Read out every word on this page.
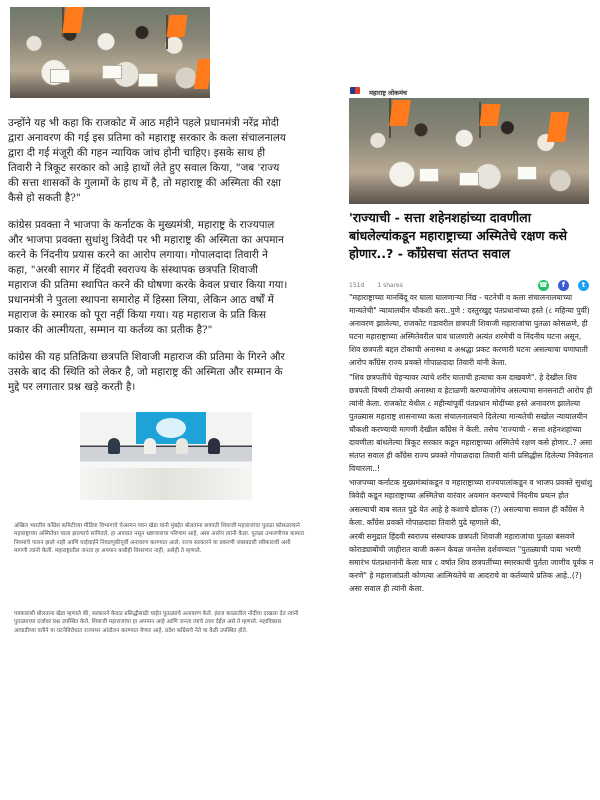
उन्होंने यह भी कहा कि राजकोट में आठ महीने पहले प्रधानमंत्री नरेंद्र मोदी द्वारा अनावरण की गई इस प्रतिमा को महाराष्ट्र सरकार के कला संचालनालय द्वारा दी गई मंजूरी की गहन न्यायिक जांच होनी चाहिए। इसके साथ ही तिवारी ने त्रिकूट सरकार को आड़े हाथों लेते हुए सवाल किया, "जब 'राज्य की सत्ता शासकों के गुलामों के हाथ में है, तो महाराष्ट्र की अस्मिता की रक्षा कैसे हो सकती है?"

कांग्रेस प्रवक्ता ने भाजपा के कर्नाटक के मुख्यमंत्री, महाराष्ट्र के राज्यपाल और भाजपा प्रवक्ता सुधांशु त्रिवेदी पर भी महाराष्ट्र की अस्मिता का अपमान करने के निंदनीय प्रयास करने का आरोप लगाया। गोपालदादा तिवारी ने कहा, "अरबी सागर में हिंदवी स्वराज्य के संस्थापक छत्रपति शिवाजी महाराज की प्रतिमा स्थापित करने की घोषणा करके केवल प्रचार किया गया। प्रधानमंत्री ने पुतला स्थापना समारोह में हिस्सा लिया, लेकिन आठ वर्षों में महाराज के स्मारक को पूरा नहीं किया गया। यह महाराज के प्रति किस प्रकार की आत्मीयता, सम्मान या कर्तव्य का प्रतीक है?"

कांग्रेस की यह प्रतिक्रिया छत्रपति शिवाजी महाराज की प्रतिमा के गिरने और उसके बाद की स्थिति को लेकर है, जो महाराष्ट्र की अस्मिता और सम्मान के मुद्दे पर लगातार प्रश्न खड़े करती है।

अखिल भारतीय काँग्रेस कमिटीच्या मीडिया विभागाचे चेअरमन पवन खेडा यांनी मुंबईत बोलताना छत्रपती शिवाजी महाराजांचा पुतळा कोसळल्याने महाराष्ट्राच्या अस्मितेवर घाला झाल्याचे सांगितले. हा अपघात नसून भ्रष्टाचाराचा परिणाम आहे, असा आरोप त्यांनी केला. पुतळा उभारणीच्या कामात नियमांचे पालन झाले नाही आणि घाईघाईने निवडणुकीपूर्वी अनावरण करण्यात आले. राज्य सरकारने या प्रकरणी जबाबदारी स्वीकारावी अशी मागणी त्यांनी केली. महाराष्ट्रातील जनता हा अपमान कधीही विसरणार नाही, असेही ते म्हणाले.

पत्रकारांशी बोलताना खेडा म्हणाले की, सरकारने केवळ प्रसिद्धीसाठी घाईत पुतळ्याचे अनावरण केले. इंग्रज काळातील नोंदींचा दाखला देत त्यांनी पुतळ्याच्या दर्जावर प्रश्न उपस्थित केले. शिवाजी महाराजांचा हा अपमान आहे आणि जनता त्याचे उत्तर देईल असे ते म्हणाले. महाविकास आघाडीच्या वतीने या घटनेविरोधात राज्यभर आंदोलन करण्यात येणार आहे. प्रदेश काँग्रेसचे नेते या वेळी उपस्थित होते.

महाराष्ट्र लोकमंच
'राज्याची - सत्ता शहेनशहांच्या दावणीला बांधलेल्यांकडून महाराष्ट्राच्या अस्मितेचे रक्षण कसे होणार..? - काँग्रेसचा संतप्त सवाल
151d 1 shares	☎ f t

"महाराष्ट्राच्या मानबिंदू वर घाला घालणाऱ्या निंद्य - घटनेची व कला संचालनालयाच्या मान्यतेची" न्यायालयीन चौकशी करा..पुणे : दस्तुरखुद्द पंतप्रधानांच्या हस्ते (८ महिन्या पुर्वी) अनावरण झालेल्या, राजकोट गडावरील छत्रपती शिवाजी महाराजांचा पुतळा कोसळणे, ही घटना महाराष्ट्राच्या अस्मितेवरील घाव घालणारी अत्यंत शरमेची व निंदनीय घटना असून, शिव छत्रपती बद्दल टोकाची अनास्था व अश्रद्धा प्रकट करणारी घटना असल्याचा घणाघाती आरोप काँग्रेस राज्य प्रवक्ते गोपाळदादा तिवारी यांनी केला.

"शिव छत्रपतींचे चेहऱ्यावर त्यांचे शरीर घाताची हत्याचा कम दाखवणे". हे देखील शिव छत्रपती विषयी टोकाची अनास्था व हेटाळणी करण्याजोगेच असल्याचा सनसनाटी आरोप ही त्यांनी केला. राजकोट येथील ८ महीन्यांपूर्वी पंतप्रधान मोदींच्या हस्ते अनावरण झालेल्या पुतळ्यास महाराष्ट्र शासनाच्या कला संचालनालयाने दिलेल्या मान्यतेची सखोल न्यायालयीन चौकशी करण्याची मागणी देखील काँग्रेस ने केली. तसेच 'राज्याची - सत्ता शहेनशहांच्या दावणीला बांधलेल्या त्रिकूट सरकार कडून महाराष्ट्राच्या अस्मितेचे रक्षण कसे होणार..? असा संतप्त सवाल ही काँग्रेस राज्य प्रवक्ते गोपाळदादा तिवारी यांनी प्रसिद्धीस दिलेल्या निवेदनात विचारला..!

भाजपच्या कर्नाटक मुख्यमंत्र्यांकडून व महाराष्ट्राच्या राज्यपालांकडून व भाजप प्रवक्ते सुधांशु त्रिवेदी कडून महाराष्ट्राच्या अस्मितेचा वारंवार अवमान करण्याचे निंदनीय प्रयत्न होत असल्याची बाब सतत पुढे येत आहे हे कशाचे द्योतक (?) असल्याचा सवाल ही काँग्रेस ने केला. काँग्रेस प्रवक्ते गोपाळदादा तिवारी पुढे म्हणाले की,

अरबी समुद्रात हिंदवी स्वराज्य संस्थापक छत्रपती शिवाजी महाराजांचा पुतळा बसवणे कोराड्याबोंची जाहीरात बाजी करून केवळ जनतेस दर्शवण्यात "पुतळ्याची पाया भरणी समारंभ पंतप्रधानांनी केला मात्र ८ वर्षात शिव छत्रपतींच्या स्मारकाची पुर्तता जाणीव पूर्वक न करणे" हे महाराजांप्रती कोणत्या आत्मियतेचे वा आदराचे वा कर्तव्याचे प्रतिक आहे..(?) असा सवाल ही त्यांनी केला.
